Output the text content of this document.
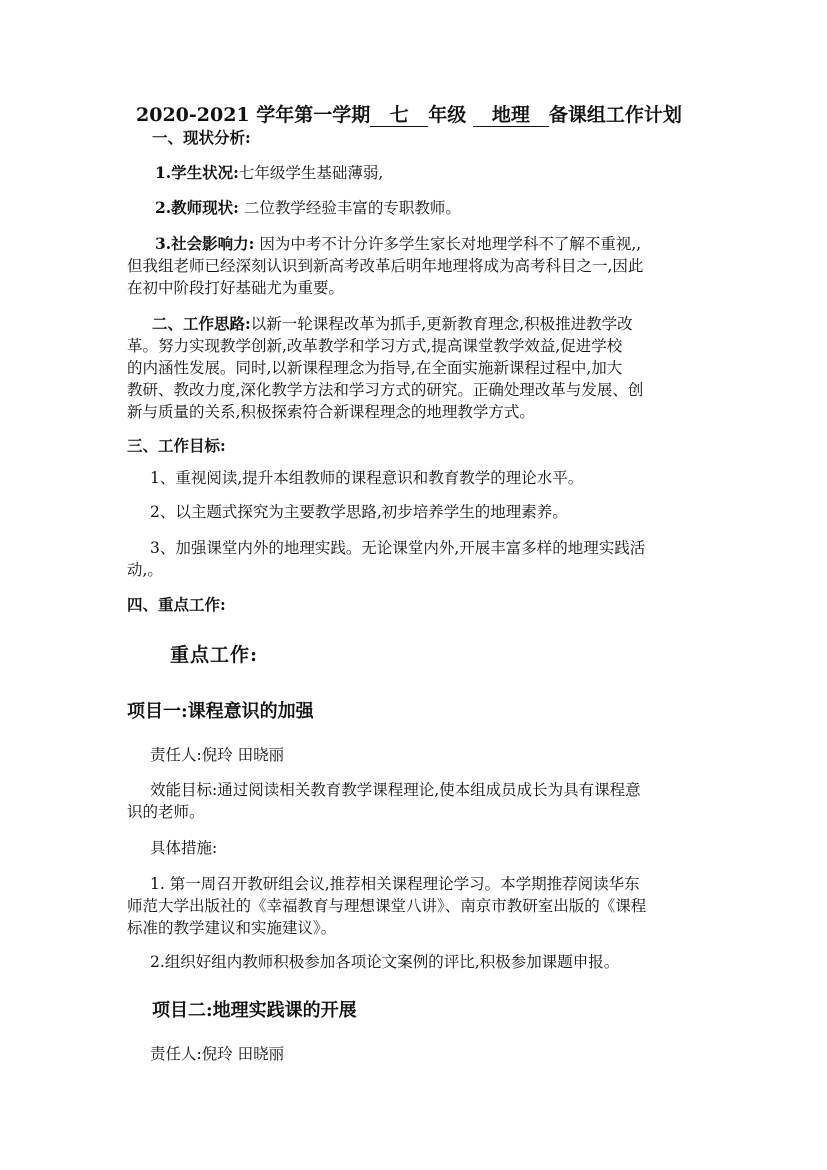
2020-2021 学年第一学期 七 年级 地理 备课组工作计划
一、现状分析:
1.学生状况:七年级学生基础薄弱,
2.教师现状: 二位教学经验丰富的专职教师。
3.社会影响力: 因为中考不计分许多学生家长对地理学科不了解不重视,,
但我组老师已经深刻认识到新高考改革后明年地理将成为高考科目之一,因此
在初中阶段打好基础尤为重要。
二、工作思路:以新一轮课程改革为抓手,更新教育理念,积极推进教学改
革。努力实现教学创新,改革教学和学习方式,提高课堂教学效益,促进学校
的内涵性发展。同时,以新课程理念为指导,在全面实施新课程过程中,加大
教研、教改力度,深化教学方法和学习方式的研究。正确处理改革与发展、创
新与质量的关系,积极探索符合新课程理念的地理教学方式。
三、工作目标:
1、重视阅读,提升本组教师的课程意识和教育教学的理论水平。
2、以主题式探究为主要教学思路,初步培养学生的地理素养。
3、加强课堂内外的地理实践。无论课堂内外,开展丰富多样的地理实践活
动,。
四、重点工作:
重点工作:
项目一:课程意识的加强
责任人:倪玲 田晓丽
效能目标:通过阅读相关教育教学课程理论,使本组成员成长为具有课程意
识的老师。
具体措施:
1. 第一周召开教研组会议,推荐相关课程理论学习。本学期推荐阅读华东
师范大学出版社的《幸福教育与理想课堂八讲》、南京市教研室出版的《课程
标准的教学建议和实施建议》。
2.组织好组内教师积极参加各项论文案例的评比,积极参加课题申报。
项目二:地理实践课的开展
责任人:倪玲 田晓丽
